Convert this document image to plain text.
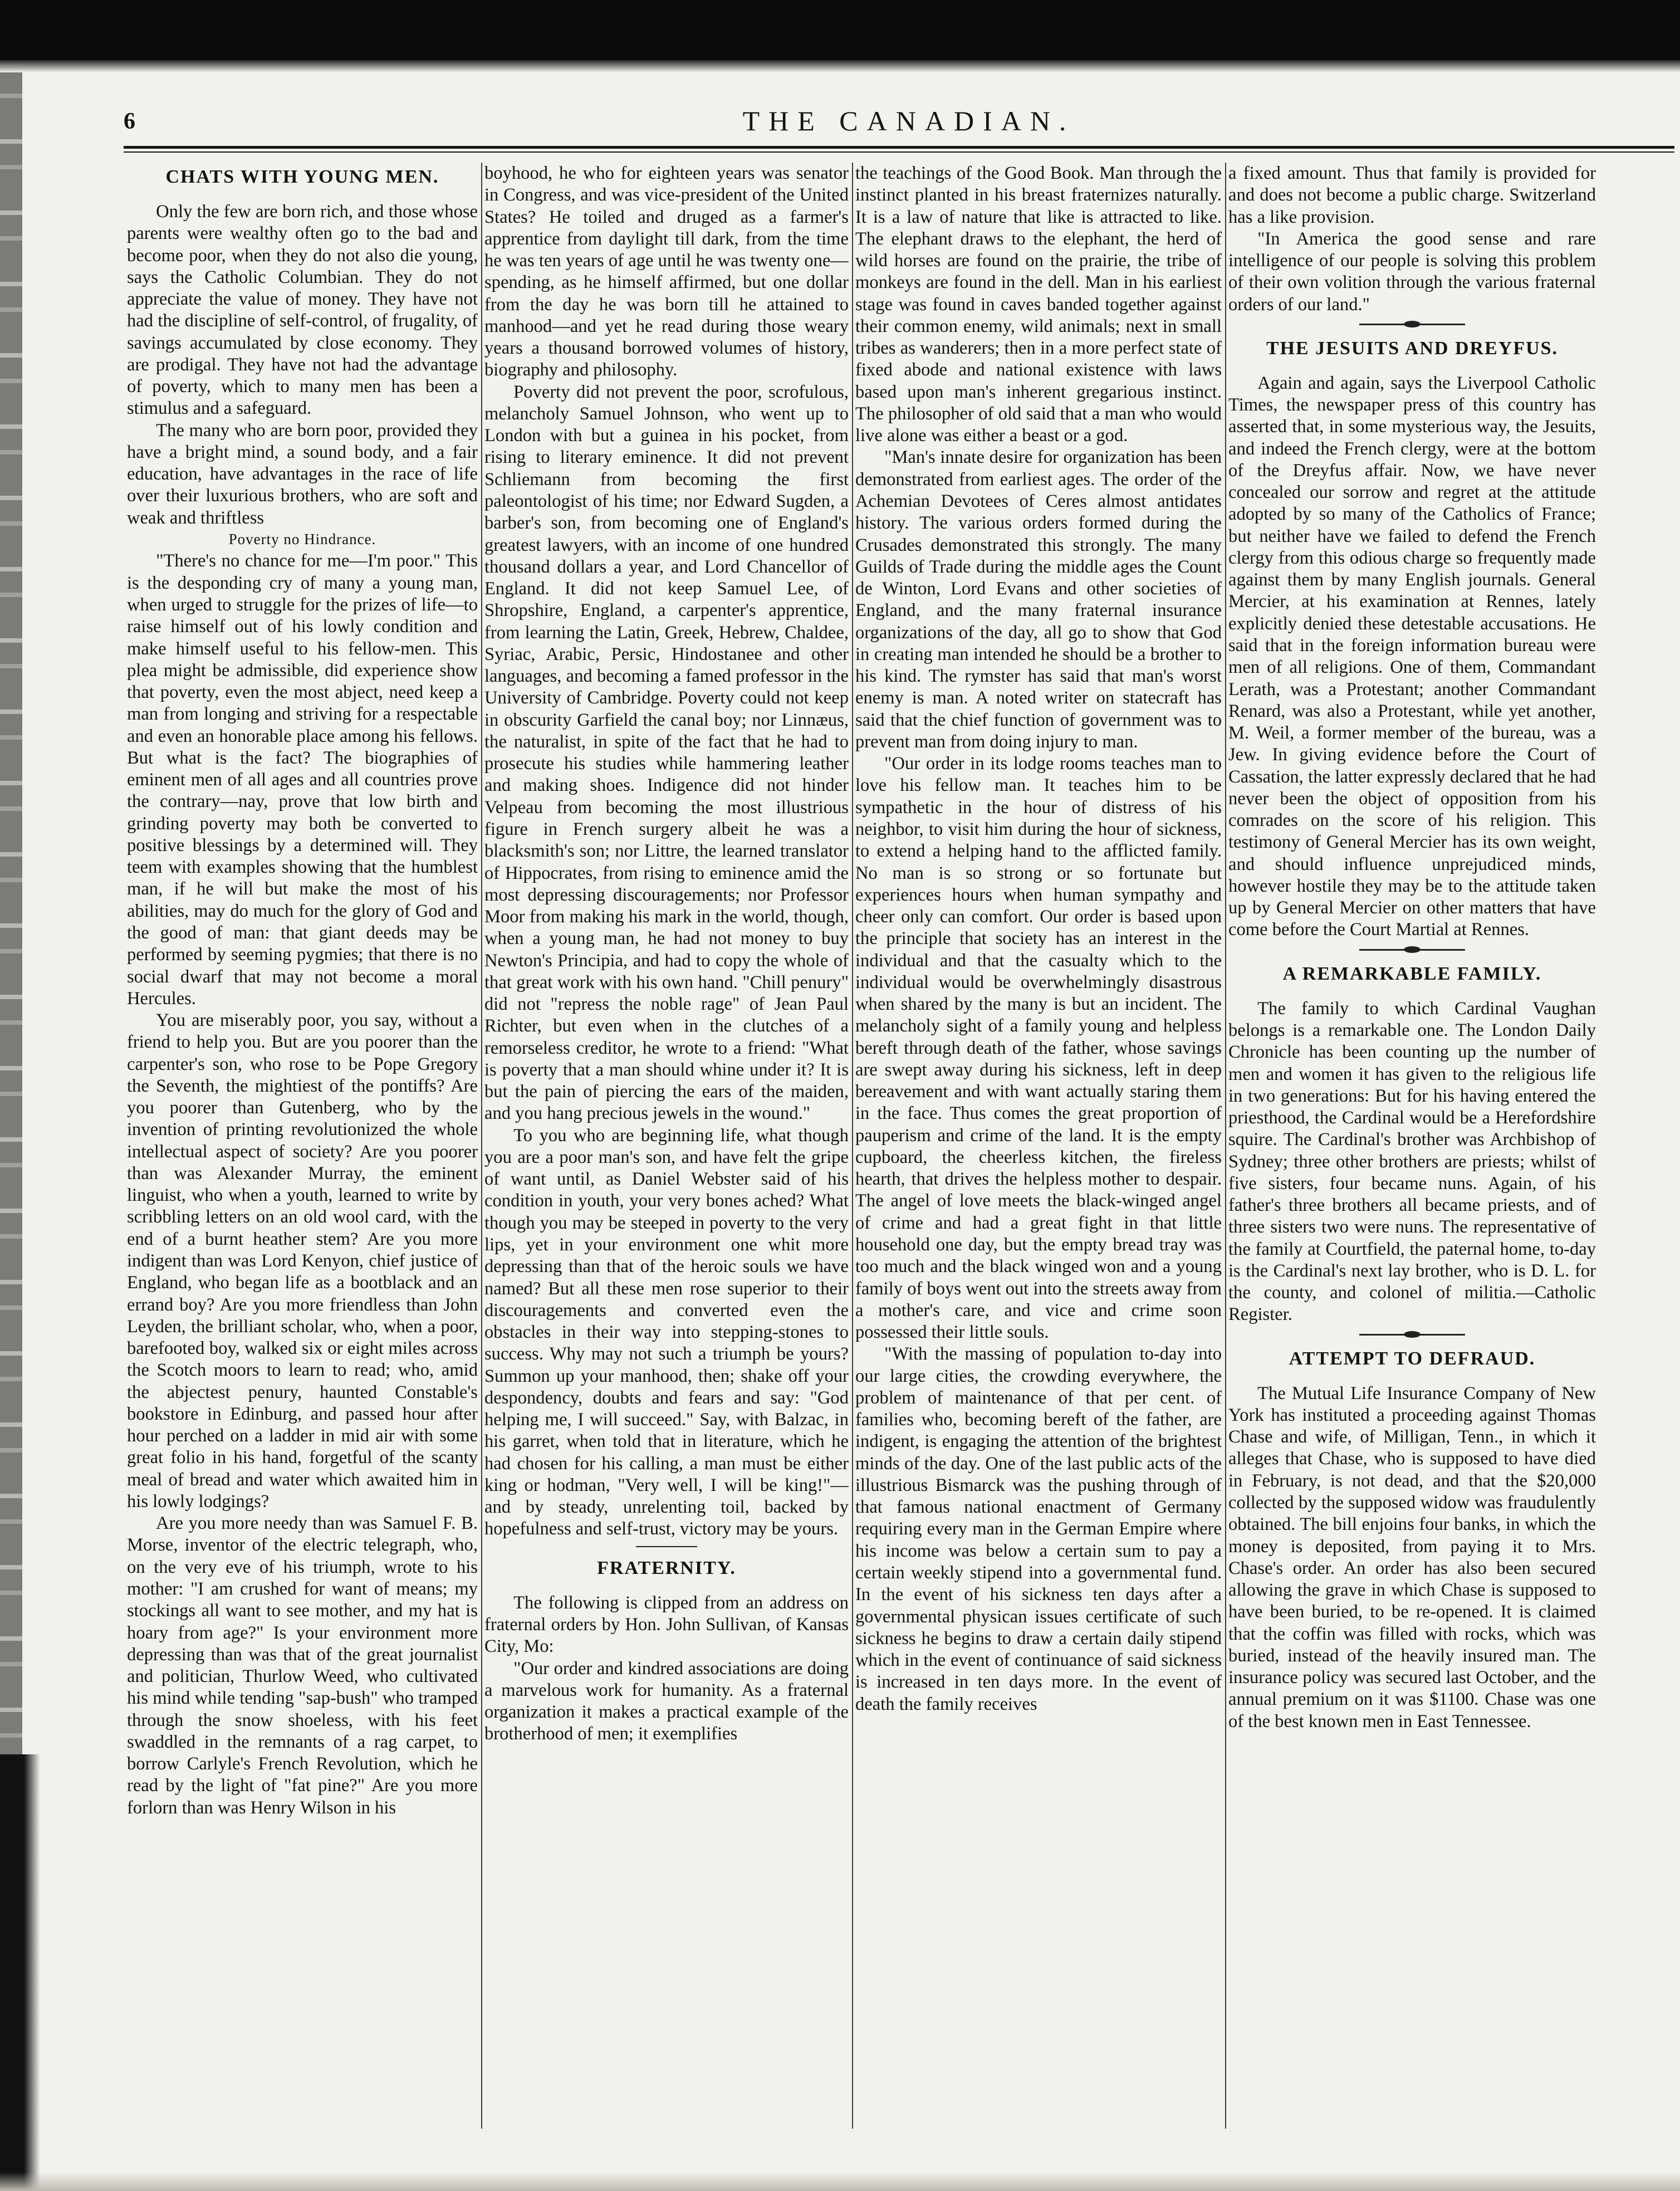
6	THE CANADIAN.
CHATS WITH YOUNG MEN.

Only the few are born rich, and those whose parents were wealthy often go to the bad and become poor, when they do not also die young, says the Catholic Columbian. They do not appreciate the value of money. They have not had the discipline of self-control, of frugality, of savings accumulated by close economy. They are prodigal. They have not had the advantage of poverty, which to many men has been a stimulus and a safeguard.

The many who are born poor, provided they have a bright mind, a sound body, and a fair education, have advantages in the race of life over their luxurious brothers, who are soft and weak and thriftless

Poverty no Hindrance.

"There's no chance for me—I'm poor." This is the desponding cry of many a young man, when urged to struggle for the prizes of life—to raise himself out of his lowly condition and make himself useful to his fellow-men. This plea might be admissible, did experience show that poverty, even the most abject, need keep a man from longing and striving for a respectable and even an honorable place among his fellows. But what is the fact? The biographies of eminent men of all ages and all countries prove the contrary—nay, prove that low birth and grinding poverty may both be converted to positive blessings by a determined will. They teem with examples showing that the humblest man, if he will but make the most of his abilities, may do much for the glory of God and the good of man: that giant deeds may be performed by seeming pygmies; that there is no social dwarf that may not become a moral Hercules.

You are miserably poor, you say, without a friend to help you. But are you poorer than the carpenter's son, who rose to be Pope Gregory the Seventh, the mightiest of the pontiffs? Are you poorer than Gutenberg, who by the invention of printing revolutionized the whole intellectual aspect of society? Are you poorer than was Alexander Murray, the eminent linguist, who when a youth, learned to write by scribbling letters on an old wool card, with the end of a burnt heather stem? Are you more indigent than was Lord Kenyon, chief justice of England, who began life as a bootblack and an errand boy? Are you more friendless than John Leyden, the brilliant scholar, who, when a poor, barefooted boy, walked six or eight miles across the Scotch moors to learn to read; who, amid the abjectest penury, haunted Constable's bookstore in Edinburg, and passed hour after hour perched on a ladder in mid air with some great folio in his hand, forgetful of the scanty meal of bread and water which awaited him in his lowly lodgings?

Are you more needy than was Samuel F. B. Morse, inventor of the electric telegraph, who, on the very eve of his triumph, wrote to his mother: "I am crushed for want of means; my stockings all want to see mother, and my hat is hoary from age?" Is your environment more depressing than was that of the great journalist and politician, Thurlow Weed, who cultivated his mind while tending "sap-bush" who tramped through the snow shoeless, with his feet swaddled in the remnants of a rag carpet, to borrow Carlyle's French Revolution, which he read by the light of "fat pine?" Are you more forlorn than was Henry Wilson in his

boyhood, he who for eighteen years was senator in Congress, and was vice-president of the United States? He toiled and druged as a farmer's apprentice from daylight till dark, from the time he was ten years of age until he was twenty one—spending, as he himself affirmed, but one dollar from the day he was born till he attained to manhood—and yet he read during those weary years a thousand borrowed volumes of history, biography and philosophy.

Poverty did not prevent the poor, scrofulous, melancholy Samuel Johnson, who went up to London with but a guinea in his pocket, from rising to literary eminence. It did not prevent Schliemann from becoming the first paleontologist of his time; nor Edward Sugden, a barber's son, from becoming one of England's greatest lawyers, with an income of one hundred thousand dollars a year, and Lord Chancellor of England. It did not keep Samuel Lee, of Shropshire, England, a carpenter's apprentice, from learning the Latin, Greek, Hebrew, Chaldee, Syriac, Arabic, Persic, Hindostanee and other languages, and becoming a famed professor in the University of Cambridge. Poverty could not keep in obscurity Garfield the canal boy; nor Linnæus, the naturalist, in spite of the fact that he had to prosecute his studies while hammering leather and making shoes. Indigence did not hinder Velpeau from becoming the most illustrious figure in French surgery albeit he was a blacksmith's son; nor Littre, the learned translator of Hippocrates, from rising to eminence amid the most depressing discouragements; nor Professor Moor from making his mark in the world, though, when a young man, he had not money to buy Newton's Principia, and had to copy the whole of that great work with his own hand. "Chill penury" did not "repress the noble rage" of Jean Paul Richter, but even when in the clutches of a remorseless creditor, he wrote to a friend: "What is poverty that a man should whine under it? It is but the pain of piercing the ears of the maiden, and you hang precious jewels in the wound."

To you who are beginning life, what though you are a poor man's son, and have felt the gripe of want until, as Daniel Webster said of his condition in youth, your very bones ached? What though you may be steeped in poverty to the very lips, yet in your environment one whit more depressing than that of the heroic souls we have named? But all these men rose superior to their discouragements and converted even the obstacles in their way into stepping-stones to success. Why may not such a triumph be yours? Summon up your manhood, then; shake off your despondency, doubts and fears and say: "God helping me, I will succeed." Say, with Balzac, in his garret, when told that in literature, which he had chosen for his calling, a man must be either king or hodman, "Very well, I will be king!"—and by steady, unrelenting toil, backed by hopefulness and self-trust, victory may be yours.

FRATERNITY.

The following is clipped from an address on fraternal orders by Hon. John Sullivan, of Kansas City, Mo:

"Our order and kindred associations are doing a marvelous work for humanity. As a fraternal organization it makes a practical example of the brotherhood of men; it exemplifies

the teachings of the Good Book. Man through the instinct planted in his breast fraternizes naturally. It is a law of nature that like is attracted to like. The elephant draws to the elephant, the herd of wild horses are found on the prairie, the tribe of monkeys are found in the dell. Man in his earliest stage was found in caves banded together against their common enemy, wild animals; next in small tribes as wanderers; then in a more perfect state of fixed abode and national existence with laws based upon man's inherent gregarious instinct. The philosopher of old said that a man who would live alone was either a beast or a god.

"Man's innate desire for organization has been demonstrated from earliest ages. The order of the Achemian Devotees of Ceres almost antidates history. The various orders formed during the Crusades demonstrated this strongly. The many Guilds of Trade during the middle ages the Count de Winton, Lord Evans and other societies of England, and the many fraternal insurance organizations of the day, all go to show that God in creating man intended he should be a brother to his kind. The rymster has said that man's worst enemy is man. A noted writer on statecraft has said that the chief function of government was to prevent man from doing injury to man.

"Our order in its lodge rooms teaches man to love his fellow man. It teaches him to be sympathetic in the hour of distress of his neighbor, to visit him during the hour of sickness, to extend a helping hand to the afflicted family. No man is so strong or so fortunate but experiences hours when human sympathy and cheer only can comfort. Our order is based upon the principle that society has an interest in the individual and that the casualty which to the individual would be overwhelmingly disastrous when shared by the many is but an incident. The melancholy sight of a family young and helpless bereft through death of the father, whose savings are swept away during his sickness, left in deep bereavement and with want actually staring them in the face. Thus comes the great proportion of pauperism and crime of the land. It is the empty cupboard, the cheerless kitchen, the fireless hearth, that drives the helpless mother to despair. The angel of love meets the black-winged angel of crime and had a great fight in that little household one day, but the empty bread tray was too much and the black winged won and a young family of boys went out into the streets away from a mother's care, and vice and crime soon possessed their little souls.

"With the massing of population to-day into our large cities, the crowding everywhere, the problem of maintenance of that per cent. of families who, becoming bereft of the father, are indigent, is engaging the attention of the brightest minds of the day. One of the last public acts of the illustrious Bismarck was the pushing through of that famous national enactment of Germany requiring every man in the German Empire where his income was below a certain sum to pay a certain weekly stipend into a governmental fund. In the event of his sickness ten days after a governmental physican issues certificate of such sickness he begins to draw a certain daily stipend which in the event of continuance of said sickness is increased in ten days more. In the event of death the family receives

a fixed amount. Thus that family is provided for and does not become a public charge. Switzerland has a like provision.

"In America the good sense and rare intelligence of our people is solving this problem of their own volition through the various fraternal orders of our land."

THE JESUITS AND DREYFUS.

Again and again, says the Liverpool Catholic Times, the newspaper press of this country has asserted that, in some mysterious way, the Jesuits, and indeed the French clergy, were at the bottom of the Dreyfus affair. Now, we have never concealed our sorrow and regret at the attitude adopted by so many of the Catholics of France; but neither have we failed to defend the French clergy from this odious charge so frequently made against them by many English journals. General Mercier, at his examination at Rennes, lately explicitly denied these detestable accusations. He said that in the foreign information bureau were men of all religions. One of them, Commandant Lerath, was a Protestant; another Commandant Renard, was also a Protestant, while yet another, M. Weil, a former member of the bureau, was a Jew. In giving evidence before the Court of Cassation, the latter expressly declared that he had never been the object of opposition from his comrades on the score of his religion. This testimony of General Mercier has its own weight, and should influence unprejudiced minds, however hostile they may be to the attitude taken up by General Mercier on other matters that have come before the Court Martial at Rennes.

A REMARKABLE FAMILY.

The family to which Cardinal Vaughan belongs is a remarkable one. The London Daily Chronicle has been counting up the number of men and women it has given to the religious life in two generations: But for his having entered the priesthood, the Cardinal would be a Herefordshire squire. The Cardinal's brother was Archbishop of Sydney; three other brothers are priests; whilst of five sisters, four became nuns. Again, of his father's three brothers all became priests, and of three sisters two were nuns. The representative of the family at Courtfield, the paternal home, to-day is the Cardinal's next lay brother, who is D. L. for the county, and colonel of militia.—Catholic Register.

ATTEMPT TO DEFRAUD.

The Mutual Life Insurance Company of New York has instituted a proceeding against Thomas Chase and wife, of Milligan, Tenn., in which it alleges that Chase, who is supposed to have died in February, is not dead, and that the $20,000 collected by the supposed widow was fraudulently obtained. The bill enjoins four banks, in which the money is deposited, from paying it to Mrs. Chase's order. An order has also been secured allowing the grave in which Chase is supposed to have been buried, to be re-opened. It is claimed that the coffin was filled with rocks, which was buried, instead of the heavily insured man. The insurance policy was secured last October, and the annual premium on it was $1100. Chase was one of the best known men in East Tennessee.
